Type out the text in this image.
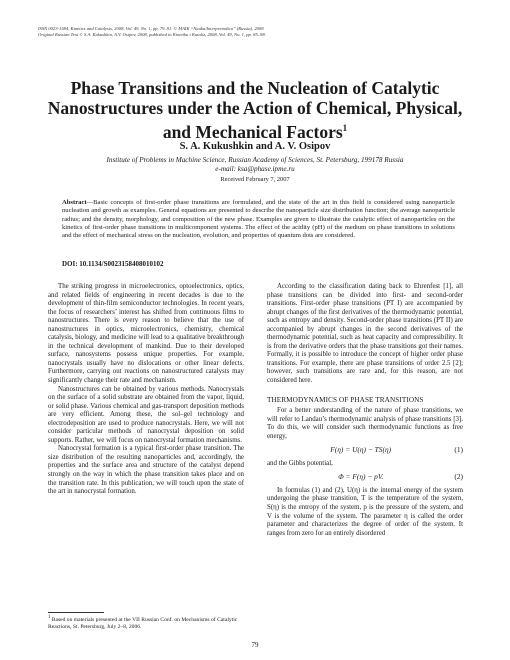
ISSN 0023-1584, Kinetics and Catalysis, 2008, Vol. 49, No. 1, pp. 79–91. © MAIK “Nauka/Interperiodica” (Russia), 2008.
Original Russian Text © S.A. Kukushkin, A.V. Osipov, 2008, published in Kinetika i Kataliz, 2008, Vol. 49, No. 1, pp. 85–98.
Phase Transitions and the Nucleation of Catalytic
Nanostructures under the Action of Chemical, Physical,
and Mechanical Factors$^1$
S. A. Kukushkin and A. V. Osipov
Institute of Problems in Machine Science, Russian Academy of Sciences, St. Petersburg, 199178 Russia
e-mail: ksa@phase.ipme.ru
Received February 7, 2007
Abstract—Basic concepts of first-order phase transitions are formulated, and the state of the art in this field is considered using nanoparticle nucleation and growth as examples. General equations are presented to describe the nanoparticle size distribution function; the average nanoparticle radius; and the density, morphology, and composition of the new phase. Examples are given to illustrate the catalytic effect of nanoparticles on the kinetics of first-order phase transitions in multicomponent systems. The effect of the acidity (pH) of the medium on phase transitions in solutions and the effect of mechanical stress on the nucleation, evolution, and properties of quantum dots are considered.
DOI: 10.1134/S0023158408010102

The striking progress in microelectronics, optoelectronics, optics, and related fields of engineering in recent decades is due to the development of thin-film semiconductor technologies. In recent years, the focus of researchers’ interest has shifted from continuous films to nanostructures. There is every reason to believe that the use of nanostructures in optics, microelectronics, chemistry, chemical catalysis, biology, and medicine will lead to a qualitative breakthrough in the technical development of mankind. Due to their developed surface, nanosystems possess unique properties. For example, nanocrystals usually have no dislocations or other linear defects. Furthermore, carrying out reactions on nanostructured catalysts may significantly change their rate and mechanism.

Nanostructures can be obtained by various methods. Nanocrystals on the surface of a solid substrate are obtained from the vapor, liquid, or solid phase. Various chemical and gas-transport deposition methods are very efficient. Among these, the sol–gel technology and electrodeposition are used to produce nanocrystals. Here, we will not consider particular methods of nanocrystal deposition on solid supports. Rather, we will focus on nanocrystal formation mechanisms.

Nanocrystal formation is a typical first-order phase transition. The size distribution of the resulting nanoparticles and, accordingly, the properties and the surface area and structure of the catalyst depend strongly on the way in which the phase transition takes place and on the transition rate. In this publication, we will touch upon the state of the art in nanocrystal formation.

According to the classification dating back to Ehrenfest [1], all phase transitions can be divided into first- and second-order transitions. First-order phase transitions (PT I) are accompanied by abrupt changes of the first derivatives of the thermodynamic potential, such as entropy and density. Second-order phase transitions (PT II) are accompanied by abrupt changes in the second derivatives of the thermodynamic potential, such as heat capacity and compressibility. It is from the derivative orders that the phase transitions got their names. Formally, it is possible to introduce the concept of higher order phase transitions. For example, there are phase transitions of order 2.5 [2]; however, such transitions are rare and, for this reason, are not considered here.

THERMODYNAMICS OF PHASE TRANSITIONS

For a better understanding of the nature of phase transitions, we will refer to Landau’s thermodynamic analysis of phase transitions [3]. To do this, we will consider such thermodynamic functions as free energy,

F(η) = U(η) − TS(η)	(1)

and the Gibbs potential,

Φ = F(η) − pV.	(2)

In formulas (1) and (2), U(η) is the internal energy of the system undergoing the phase transition, T is the temperature of the system, S(η) is the entropy of the system, p is the pressure of the system, and V is the volume of the system. The parameter η is called the order parameter and characterizes the degree of order of the system. It ranges from zero for an entirely disordered

$^1$ Based on materials presented at the VII Russian Conf. on Mechanisms of Catalytic Reactions, St. Petersburg, July 2–8, 2006.
79
